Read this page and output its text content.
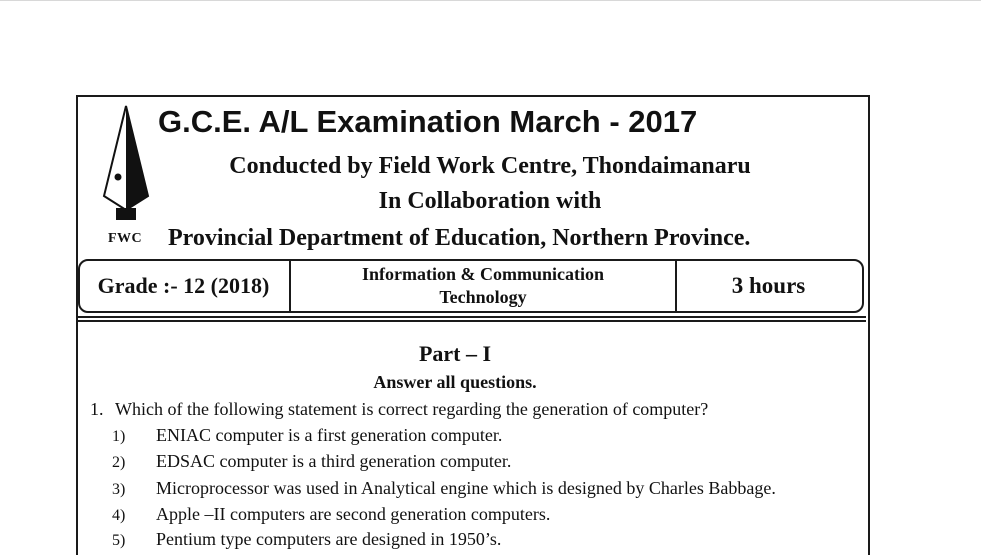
FWC
G.C.E. A/L Examination March - 2017
Conducted by Field Work Centre, Thondaimanaru
In Collaboration with
Provincial Department of Education, Northern Province.
Grade :- 12 (2018)	Information & Communication
Technology	3 hours
Part – I
Answer all questions.
1. Which of the following statement is correct regarding the generation of computer?
1) ENIAC computer is a first generation computer.
2) EDSAC computer is a third generation computer.
3) Microprocessor was used in Analytical engine which is designed by Charles Babbage.
4) Apple –II computers are second generation computers.
5) Pentium type computers are designed in 1950’s.
